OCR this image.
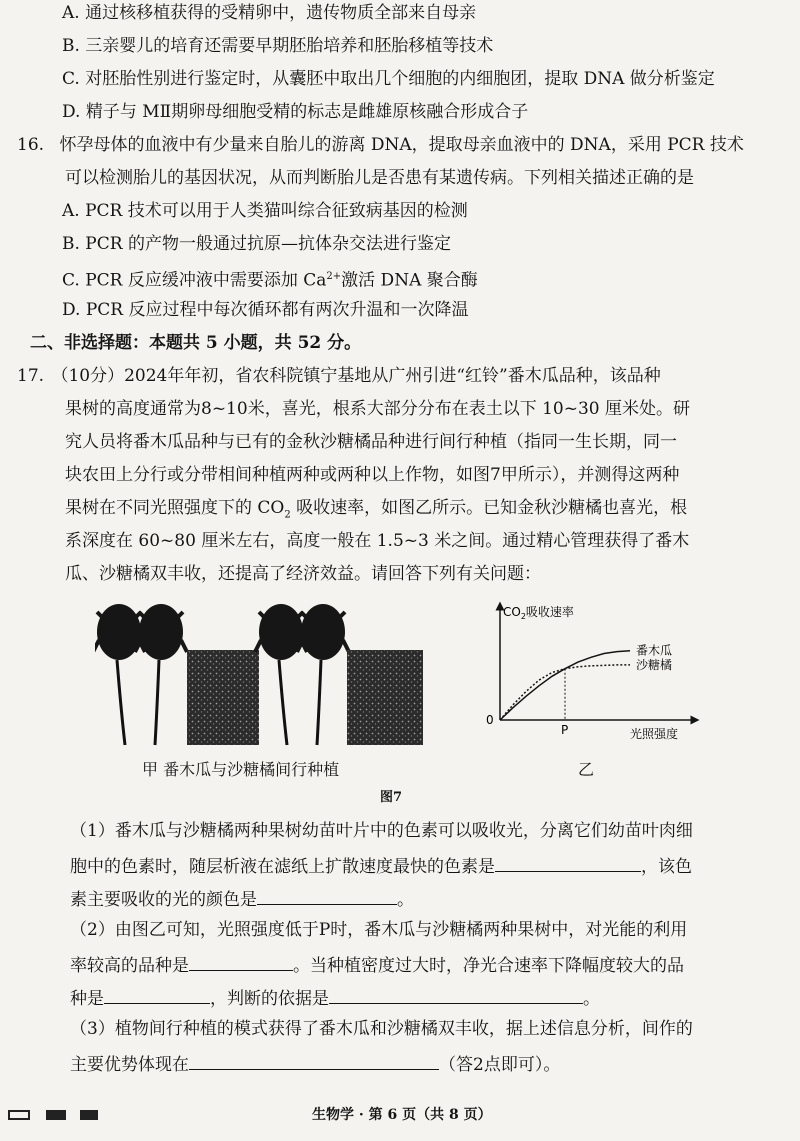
A. 通过核移植获得的受精卵中，遗传物质全部来自母亲
B. 三亲婴儿的培育还需要早期胚胎培养和胚胎移植等技术
C. 对胚胎性别进行鉴定时，从囊胚中取出几个细胞的内细胞团，提取 DNA 做分析鉴定
D. 精子与 MⅡ期卵母细胞受精的标志是雌雄原核融合形成合子
16. 怀孕母体的血液中有少量来自胎儿的游离 DNA，提取母亲血液中的 DNA，采用 PCR 技术
可以检测胎儿的基因状况，从而判断胎儿是否患有某遗传病。下列相关描述正确的是
A. PCR 技术可以用于人类猫叫综合征致病基因的检测
B. PCR 的产物一般通过抗原—抗体杂交法进行鉴定
C. PCR 反应缓冲液中需要添加 $Ca^{2+}$激活 DNA 聚合酶
D. PCR 反应过程中每次循环都有两次升温和一次降温
二、非选择题：本题共 5 小题，共 52 分。
17. （10分）2024年年初，省农科院镇宁基地从广州引进“红铃”番木瓜品种，该品种
果树的高度通常为8~10米，喜光，根系大部分分布在表土以下 10~30 厘米处。研
究人员将番木瓜品种与已有的金秋沙糖橘品种进行间行种植（指同一生长期，同一
块农田上分行或分带相间种植两种或两种以上作物，如图7甲所示），并测得这两种
果树在不同光照强度下的 $CO_2$ 吸收速率，如图乙所示。已知金秋沙糖橘也喜光，根
系深度在 60~80 厘米左右，高度一般在 1.5~3 米之间。通过精心管理获得了番木
瓜、沙糖橘双丰收，还提高了经济效益。请回答下列有关问题：
甲 番木瓜与沙糖橘间行种植
$CO_2$吸收速率
0
光照强度
P
番木瓜
沙糖橘
乙
图7
（1）番木瓜与沙糖橘两种果树幼苗叶片中的色素可以吸收光，分离它们幼苗叶肉细
胞中的色素时，随层析液在滤纸上扩散速度最快的色素是	，该色
素主要吸收的光的颜色是	。
（2）由图乙可知，光照强度低于P时，番木瓜与沙糖橘两种果树中，对光能的利用
率较高的品种是	。当种植密度过大时，净光合速率下降幅度较大的品
种是	，判断的依据是	。
（3）植物间行种植的模式获得了番木瓜和沙糖橘双丰收，据上述信息分析，间作的
主要优势体现在	（答2点即可）。
生物学 · 第 6 页（共 8 页）
